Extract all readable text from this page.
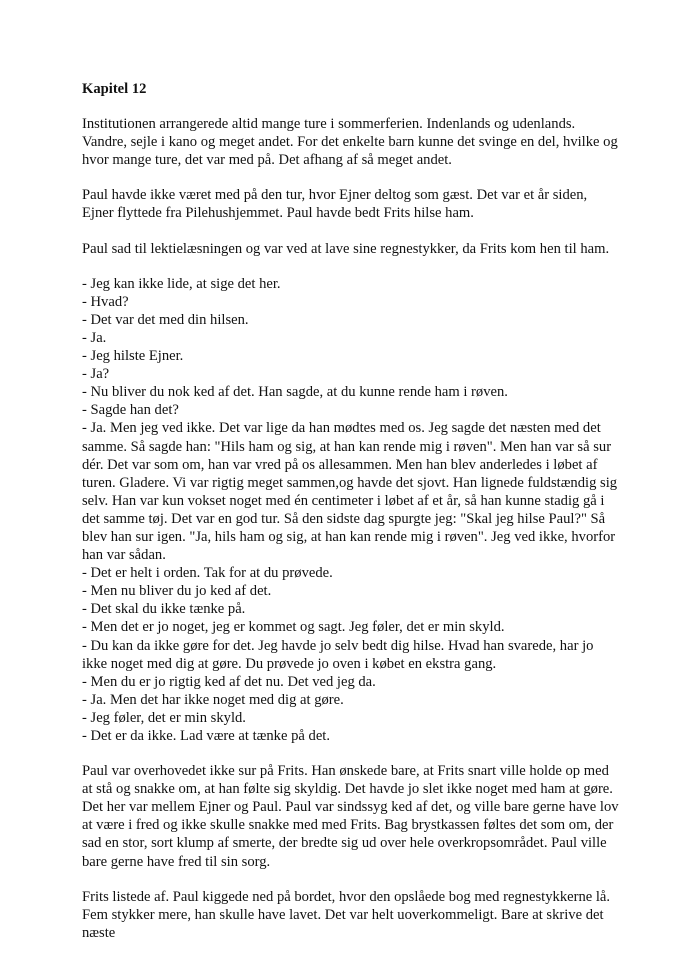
Kapitel 12

Institutionen arrangerede altid mange ture i sommerferien. Indenlands og udenlands. Vandre, sejle i kano og meget andet. For det enkelte barn kunne det svinge en del, hvilke og hvor mange ture, det var med på. Det afhang af så meget andet.

Paul havde ikke været med på den tur, hvor Ejner deltog som gæst. Det var et år siden, Ejner flyttede fra Pilehushjemmet. Paul havde bedt Frits hilse ham.

Paul sad til lektielæsningen og var ved at lave sine regnestykker, da Frits kom hen til ham.

- Jeg kan ikke lide, at sige det her.

- Hvad?

- Det var det med din hilsen.

- Ja.

- Jeg hilste Ejner.

- Ja?

- Nu bliver du nok ked af det. Han sagde, at du kunne rende ham i røven.

- Sagde han det?

- Ja. Men jeg ved ikke. Det var lige da han mødtes med os. Jeg sagde det næsten med det samme. Så sagde han: "Hils ham og sig, at han kan rende mig i røven". Men han var så sur dér. Det var som om, han var vred på os allesammen. Men han blev anderledes i løbet af turen. Gladere. Vi var rigtig meget sammen,og havde det sjovt. Han lignede fuldstændig sig selv. Han var kun vokset noget med én centimeter i løbet af et år, så han kunne stadig gå i det samme tøj. Det var en god tur. Så den sidste dag spurgte jeg: "Skal jeg hilse Paul?" Så blev han sur igen. "Ja, hils ham og sig, at han kan rende mig i røven". Jeg ved ikke, hvorfor han var sådan.

- Det er helt i orden. Tak for at du prøvede.

- Men nu bliver du jo ked af det.

- Det skal du ikke tænke på.

- Men det er jo noget, jeg er kommet og sagt. Jeg føler, det er min skyld.

- Du kan da ikke gøre for det. Jeg havde jo selv bedt dig hilse. Hvad han svarede, har jo ikke noget med dig at gøre. Du prøvede jo oven i købet en ekstra gang.

- Men du er jo rigtig ked af det nu. Det ved jeg da.

- Ja. Men det har ikke noget med dig at gøre.

- Jeg føler, det er min skyld.

- Det er da ikke. Lad være at tænke på det.

Paul var overhovedet ikke sur på Frits. Han ønskede bare, at Frits snart ville holde op med at stå og snakke om, at han følte sig skyldig. Det havde jo slet ikke noget med ham at gøre. Det her var mellem Ejner og Paul. Paul var sindssyg ked af det, og ville bare gerne have lov at være i fred og ikke skulle snakke med med Frits. Bag brystkassen føltes det som om, der sad en stor, sort klump af smerte, der bredte sig ud over hele overkropsområdet. Paul ville bare gerne have fred til sin sorg.

Frits listede af. Paul kiggede ned på bordet, hvor den opslåede bog med regnestykkerne lå. Fem stykker mere, han skulle have lavet. Det var helt uoverkommeligt. Bare at skrive det næste
